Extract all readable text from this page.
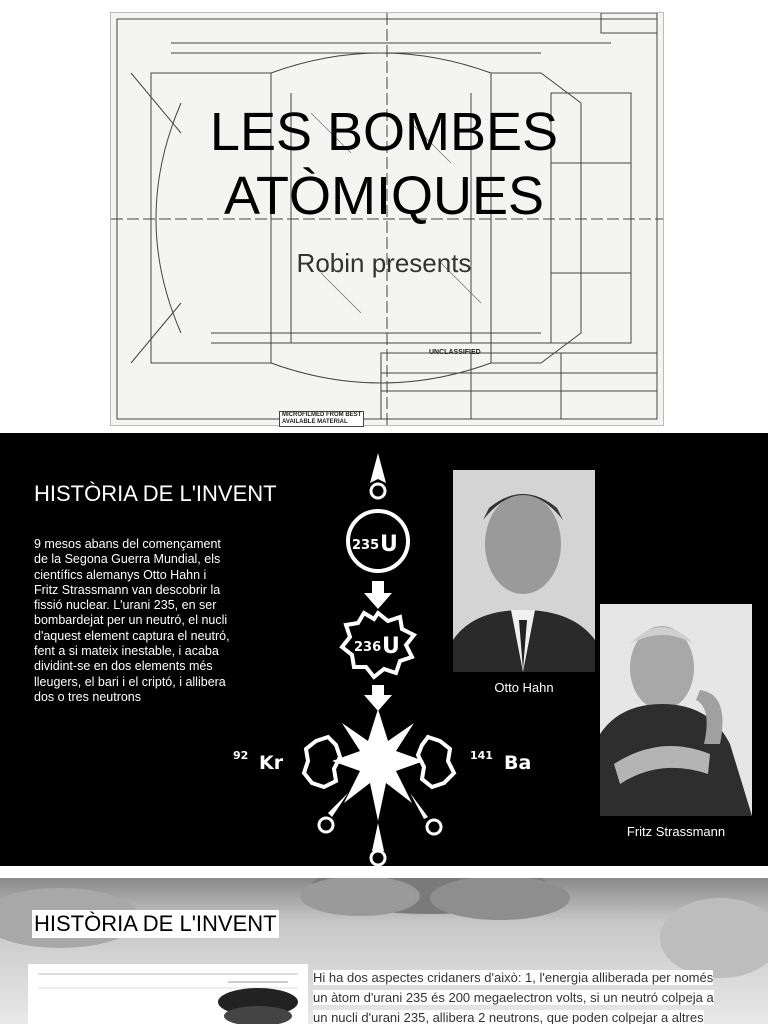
UNCLASSIFIED
MICROFILMED FROM BEST
AVAILABLE MATERIAL
LES BOMBES
ATÒMIQUES
Robin presents
HISTÒRIA DE L'INVENT
9 mesos abans del començament de la Segona Guerra Mundial, els científics alemanys Otto Hahn i Fritz Strassmann van descobrir la fissió nuclear. L'urani 235, en ser bombardejat per un neutró, el nucli d'aquest element captura el neutró, fent a si mateix inestable, i acaba dividint-se en dos elements més lleugers, el bari i el criptó, i allibera dos o tres neutrons
235 U
236 U
92 Kr	141 Ba
Otto Hahn
Fritz Strassmann
HISTÒRIA DE L'INVENT
Hi ha dos aspectes cridaners d'això: 1, l'energia alliberada per només
un àtom d'urani 235 és 200 megaelectron volts, si un neutró colpeja a
un nucli d'urani 235, allibera 2 neutrons, que poden colpejar a altres
